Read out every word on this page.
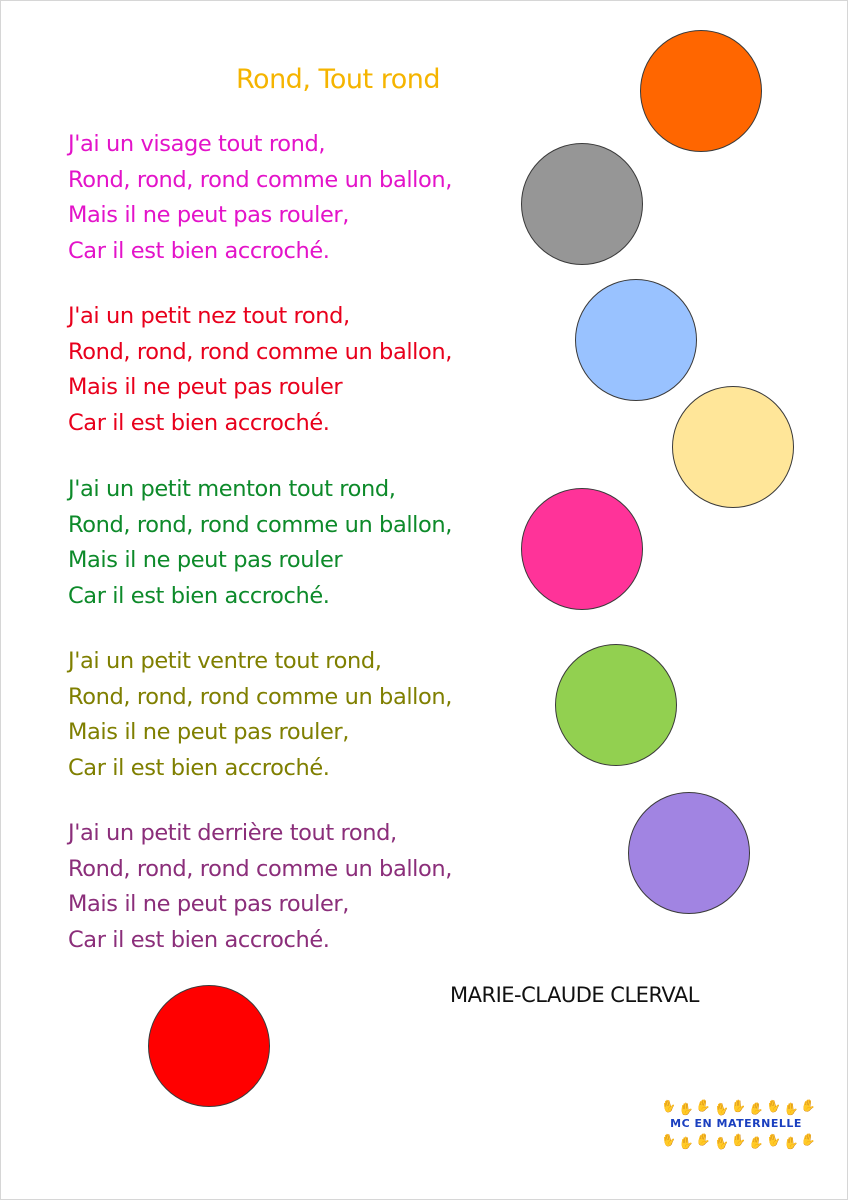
Rond, Tout rond
J'ai un visage tout rond,
Rond, rond, rond comme un ballon,
Mais il ne peut pas rouler,
Car il est bien accroché.
J'ai un petit nez tout rond,
Rond, rond, rond comme un ballon,
Mais il ne peut pas rouler
Car il est bien accroché.
J'ai un petit menton tout rond,
Rond, rond, rond comme un ballon,
Mais il ne peut pas rouler
Car il est bien accroché.
J'ai un petit ventre tout rond,
Rond, rond, rond comme un ballon,
Mais il ne peut pas rouler,
Car il est bien accroché.
J'ai un petit derrière tout rond,
Rond, rond, rond comme un ballon,
Mais il ne peut pas rouler,
Car il est bien accroché.
MARIE-CLAUDE CLERVAL
✋ ✋ ✋ ✋ ✋ ✋ ✋ ✋ ✋
MC EN MATERNELLE
✋ ✋ ✋ ✋ ✋ ✋ ✋ ✋ ✋
